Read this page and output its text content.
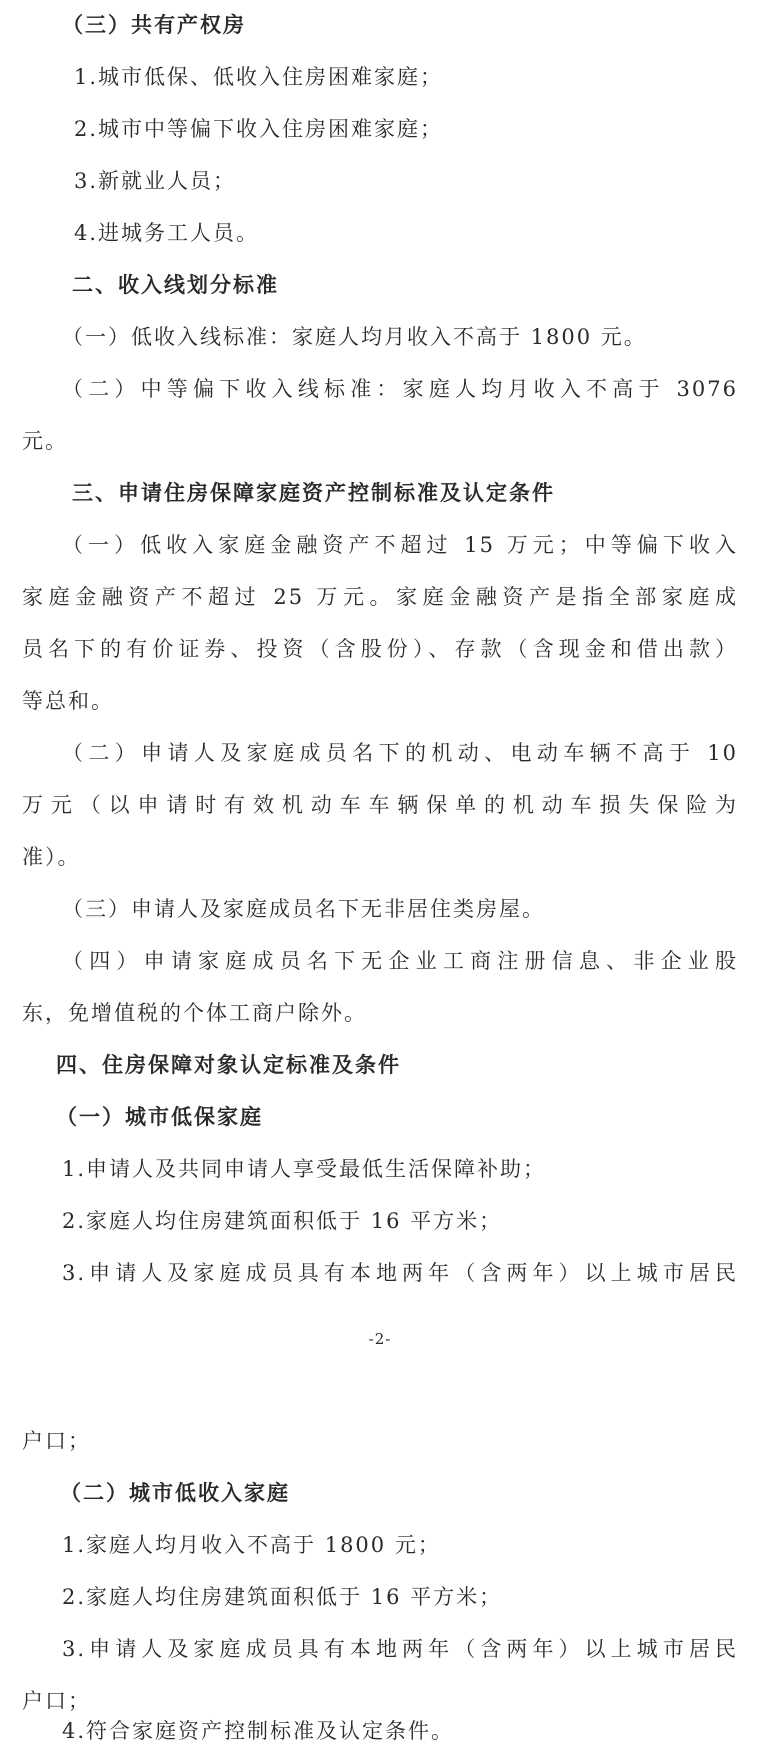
（三）共有产权房

1.城市低保、低收入住房困难家庭；

2.城市中等偏下收入住房困难家庭；

3.新就业人员；

4.进城务工人员。

二、收入线划分标准

（一）低收入线标准：家庭人均月收入不高于 1800 元。

（二）中等偏下收入线标准：家庭人均月收入不高于 3076

元。

三、申请住房保障家庭资产控制标准及认定条件

（一）低收入家庭金融资产不超过 15 万元；中等偏下收入

家庭金融资产不超过 25 万元。家庭金融资产是指全部家庭成

员名下的有价证券、投资（含股份）、存款（含现金和借出款）

等总和。

（二）申请人及家庭成员名下的机动、电动车辆不高于 10

万元（以申请时有效机动车车辆保单的机动车损失保险为

准）。

（三）申请人及家庭成员名下无非居住类房屋。

（四）申请家庭成员名下无企业工商注册信息、非企业股

东，免增值税的个体工商户除外。

四、住房保障对象认定标准及条件

（一）城市低保家庭

1.申请人及共同申请人享受最低生活保障补助；

2.家庭人均住房建筑面积低于 16 平方米；

3.申请人及家庭成员具有本地两年（含两年）以上城市居民

-2-

户口；

（二）城市低收入家庭

1.家庭人均月收入不高于 1800 元；

2.家庭人均住房建筑面积低于 16 平方米；

3.申请人及家庭成员具有本地两年（含两年）以上城市居民

户口；

4.符合家庭资产控制标准及认定条件。
